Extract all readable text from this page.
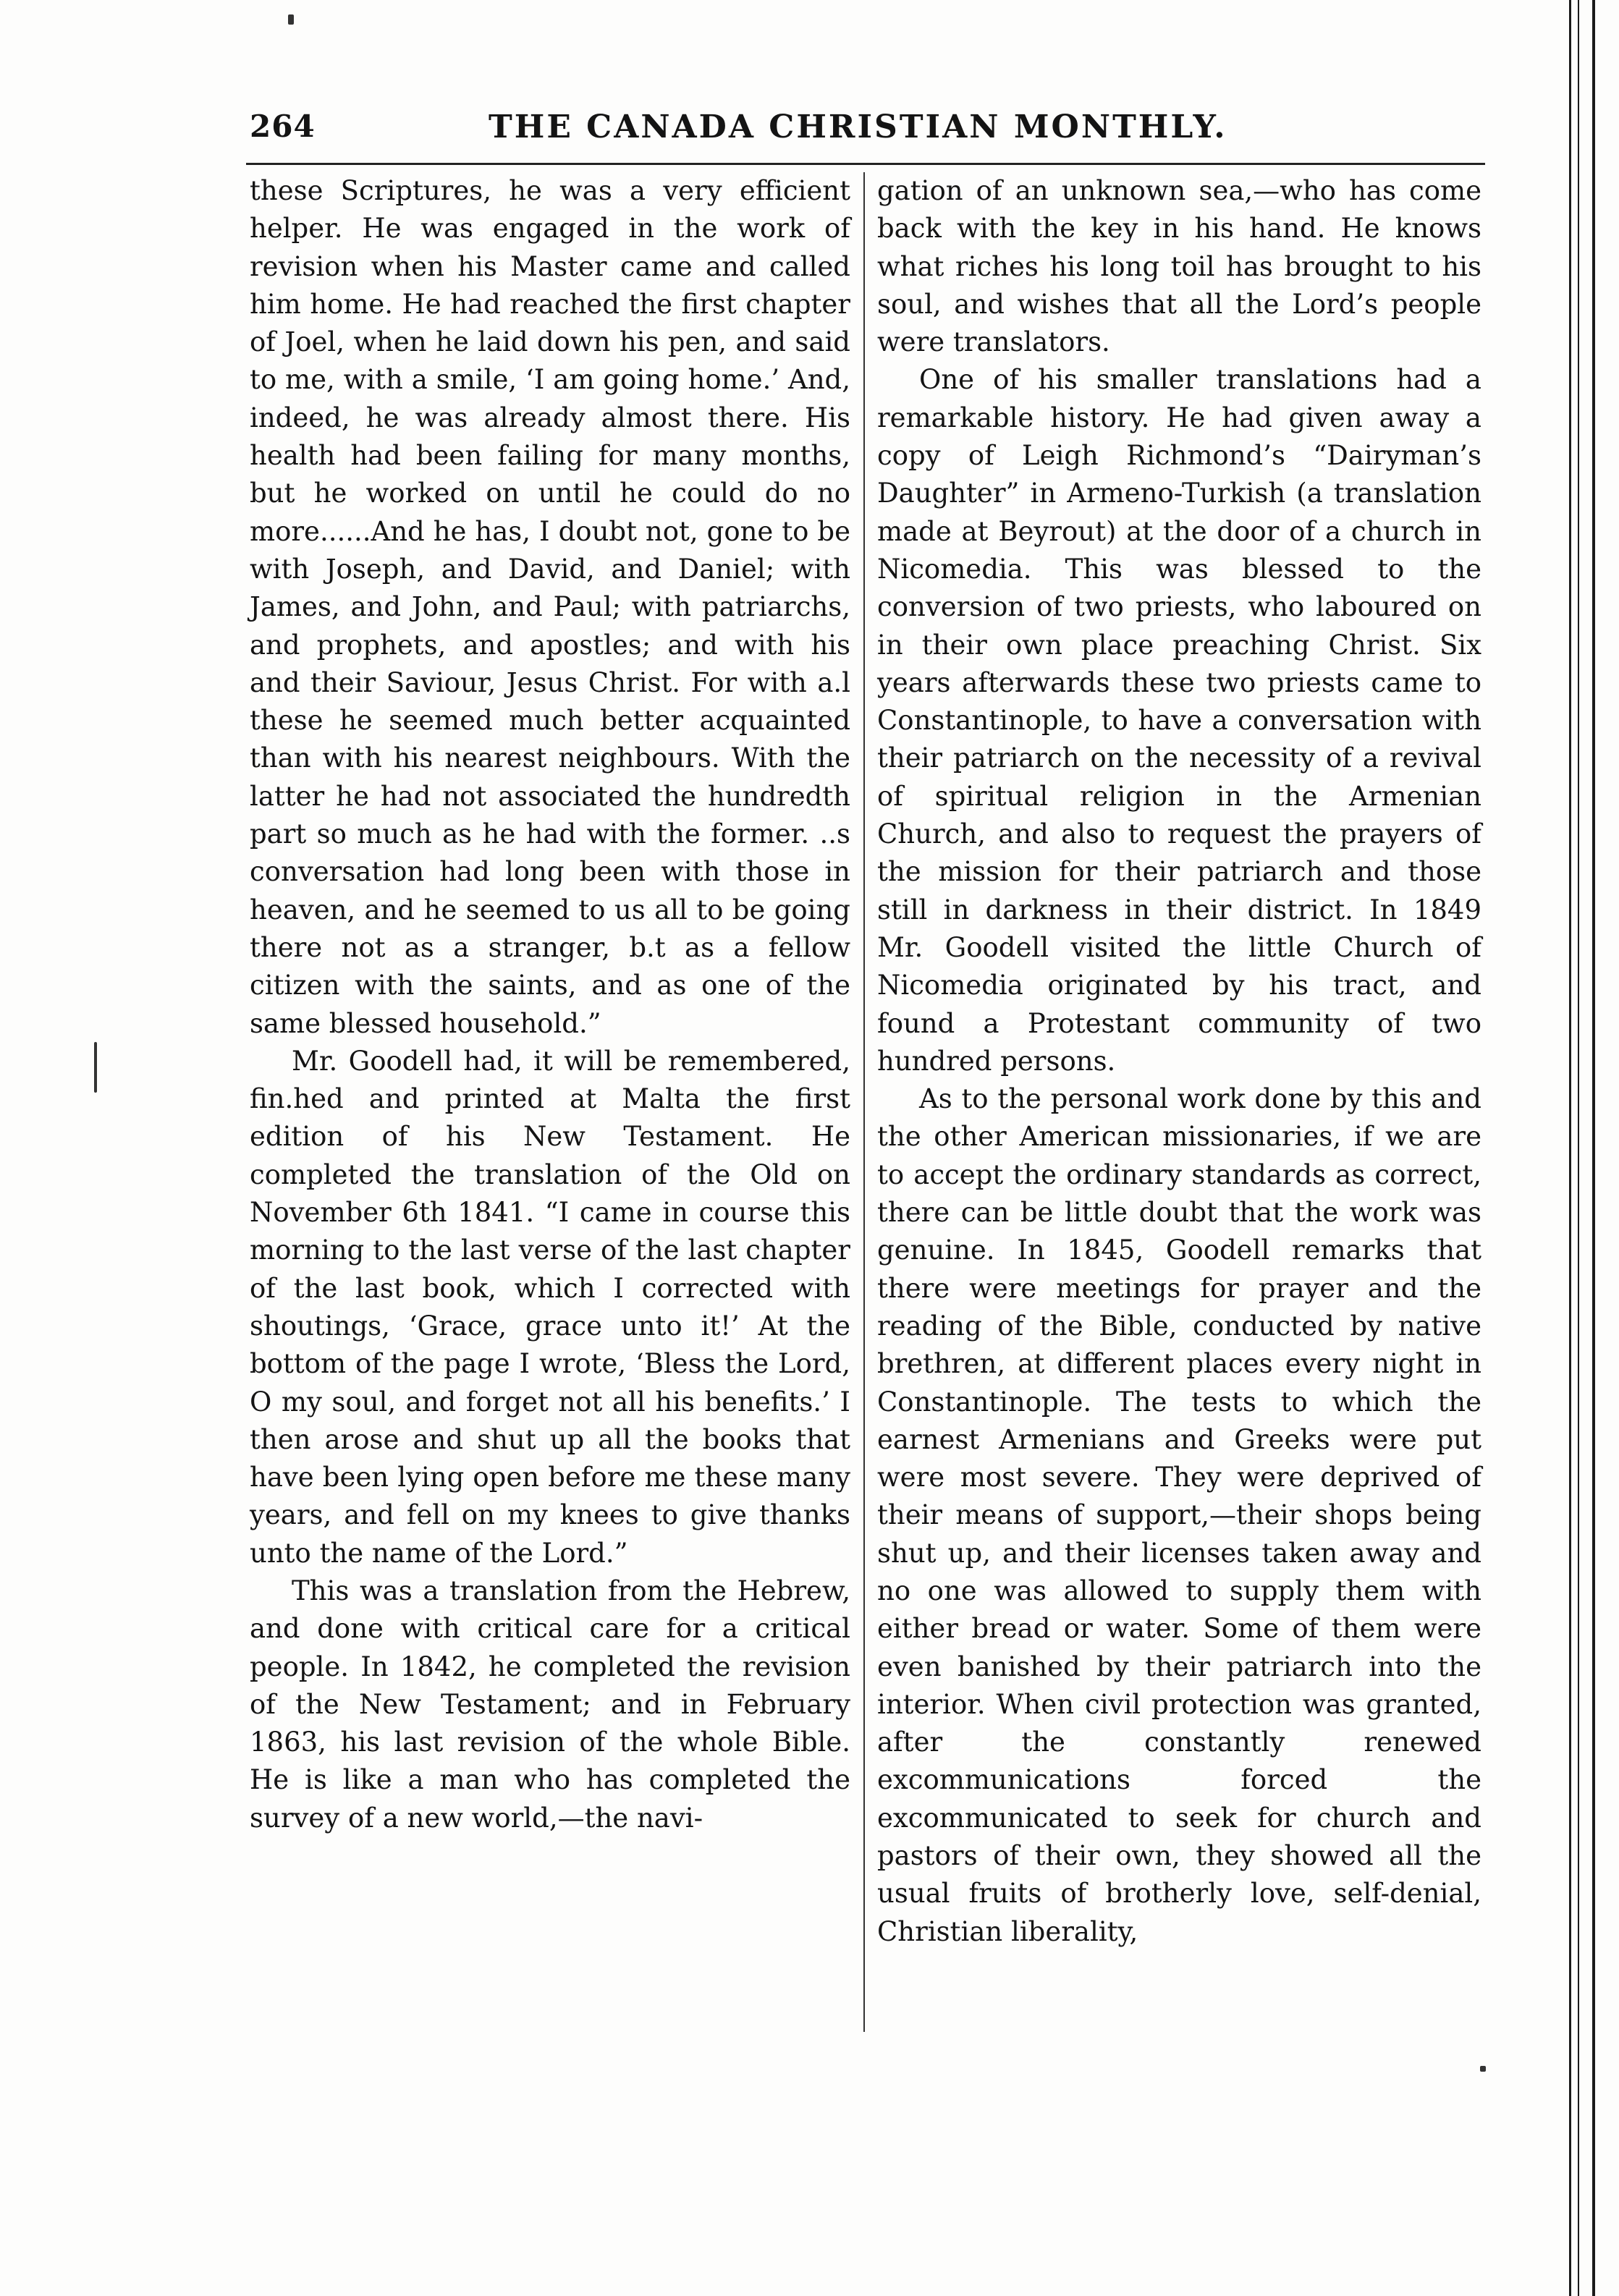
264	THE CANADA CHRISTIAN MONTHLY.

these Scriptures, he was a very efficient helper. He was engaged in the work of revision when his Master came and called him home. He had reached the first chapter of Joel, when he laid down his pen, and said to me, with a smile, ‘I am going home.’ And, indeed, he was already almost there. His health had been failing for many months, but he worked on until he could do no more......And he has, I doubt not, gone to be with Joseph, and David, and Daniel; with James, and John, and Paul; with patriarchs, and prophets, and apostles; and with his and their Saviour, Jesus Christ. For with a.l these he seemed much better acquainted than with his nearest neighbours. With the latter he had not associated the hundredth part so much as he had with the former. ..s conversation had long been with those in heaven, and he seemed to us all to be going there not as a stranger, b.t as a fellow citizen with the saints, and as one of the same blessed household.”

Mr. Goodell had, it will be remembered, fin.hed and printed at Malta the first edition of his New Testament. He completed the translation of the Old on November 6th 1841. “I came in course this morning to the last verse of the last chapter of the last book, which I corrected with shoutings, ‘Grace, grace unto it!’ At the bottom of the page I wrote, ‘Bless the Lord, O my soul, and forget not all his benefits.’ I then arose and shut up all the books that have been lying open before me these many years, and fell on my knees to give thanks unto the name of the Lord.”

This was a translation from the Hebrew, and done with critical care for a critical people. In 1842, he completed the revision of the New Testament; and in February 1863, his last revision of the whole Bible. He is like a man who has completed the survey of a new world,—the navi-

gation of an unknown sea,—who has come back with the key in his hand. He knows what riches his long toil has brought to his soul, and wishes that all the Lord’s people were translators.

One of his smaller translations had a remarkable history. He had given away a copy of Leigh Richmond’s “Dairyman’s Daughter” in Armeno-Turkish (a translation made at Beyrout) at the door of a church in Nicomedia. This was blessed to the conversion of two priests, who laboured on in their own place preaching Christ. Six years afterwards these two priests came to Constantinople, to have a conversation with their patriarch on the necessity of a revival of spiritual religion in the Armenian Church, and also to request the prayers of the mission for their patriarch and those still in darkness in their district. In 1849 Mr. Goodell visited the little Church of Nicomedia originated by his tract, and found a Protestant community of two hundred persons.

As to the personal work done by this and the other American missionaries, if we are to accept the ordinary standards as correct, there can be little doubt that the work was genuine. In 1845, Goodell remarks that there were meetings for prayer and the reading of the Bible, conducted by native brethren, at different places every night in Constantinople. The tests to which the earnest Armenians and Greeks were put were most severe. They were deprived of their means of support,—their shops being shut up, and their licenses taken away and no one was allowed to supply them with either bread or water. Some of them were even banished by their patriarch into the interior. When civil protection was granted, after the constantly renewed excommunications forced the excommunicated to seek for church and pastors of their own, they showed all the usual fruits of brotherly love, self-denial, Christian liberality,
